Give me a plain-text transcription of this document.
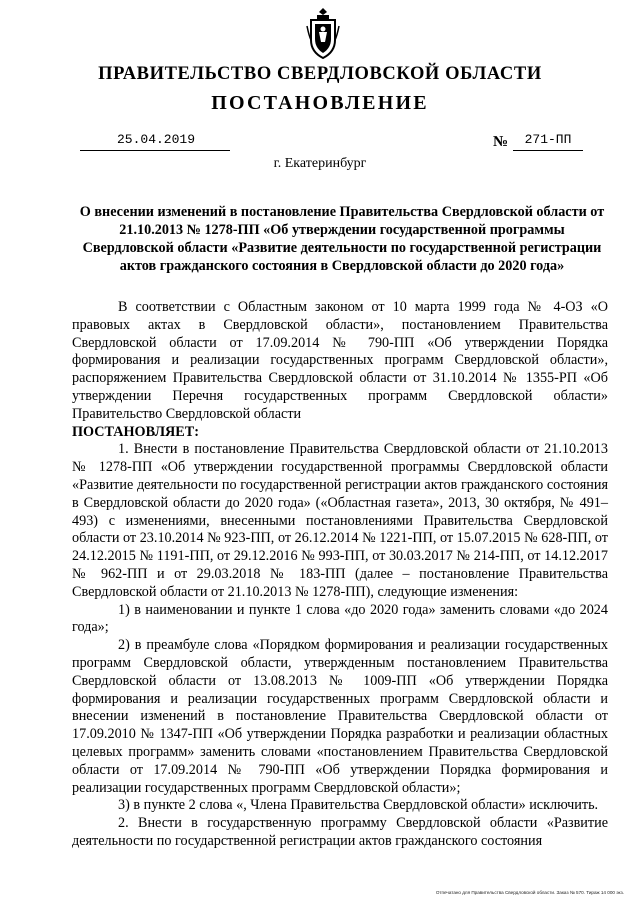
ПРАВИТЕЛЬСТВО СВЕРДЛОВСКОЙ ОБЛАСТИ
ПОСТАНОВЛЕНИЕ
25.04.2019	№	271-ПП
г. Екатеринбург
О внесении изменений в постановление Правительства Свердловской области от 21.10.2013 № 1278-ПП «Об утверждении государственной программы Свердловской области «Развитие деятельности по государственной регистрации актов гражданского состояния в Свердловской области до 2020 года»

В соответствии с Областным законом от 10 марта 1999 года № 4-ОЗ «О правовых актах в Свердловской области», постановлением Правительства Свердловской области от 17.09.2014 № 790-ПП «Об утверждении Порядка формирования и реализации государственных программ Свердловской области», распоряжением Правительства Свердловской области от 31.10.2014 № 1355-РП «Об утверждении Перечня государственных программ Свердловской области» Правительство Свердловской области

ПОСТАНОВЛЯЕТ:

1. Внести в постановление Правительства Свердловской области от 21.10.2013 № 1278-ПП «Об утверждении государственной программы Свердловской области «Развитие деятельности по государственной регистрации актов гражданского состояния в Свердловской области до 2020 года» («Областная газета», 2013, 30 октября, № 491–493) с изменениями, внесенными постановлениями Правительства Свердловской области от 23.10.2014 № 923-ПП, от 26.12.2014 № 1221-ПП, от 15.07.2015 № 628-ПП, от 24.12.2015 № 1191-ПП, от 29.12.2016 № 993-ПП, от 30.03.2017 № 214-ПП, от 14.12.2017 № 962-ПП и от 29.03.2018 № 183-ПП (далее – постановление Правительства Свердловской области от 21.10.2013 № 1278-ПП), следующие изменения:

1) в наименовании и пункте 1 слова «до 2020 года» заменить словами «до 2024 года»;

2) в преамбуле слова «Порядком формирования и реализации государственных программ Свердловской области, утвержденным постановлением Правительства Свердловской области от 13.08.2013 № 1009-ПП «Об утверждении Порядка формирования и реализации государственных программ Свердловской области и внесении изменений в постановление Правительства Свердловской области от 17.09.2010 № 1347-ПП «Об утверждении Порядка разработки и реализации областных целевых программ» заменить словами «постановлением Правительства Свердловской области от 17.09.2014 № 790-ПП «Об утверждении Порядка формирования и реализации государственных программ Свердловской области»;

3) в пункте 2 слова «, Члена Правительства Свердловской области» исключить.

2. Внести в государственную программу Свердловской области «Развитие деятельности по государственной регистрации актов гражданского состояния

Отпечатано для Правительства Свердловской области. Заказ № 570. Тираж 14 000 экз.
